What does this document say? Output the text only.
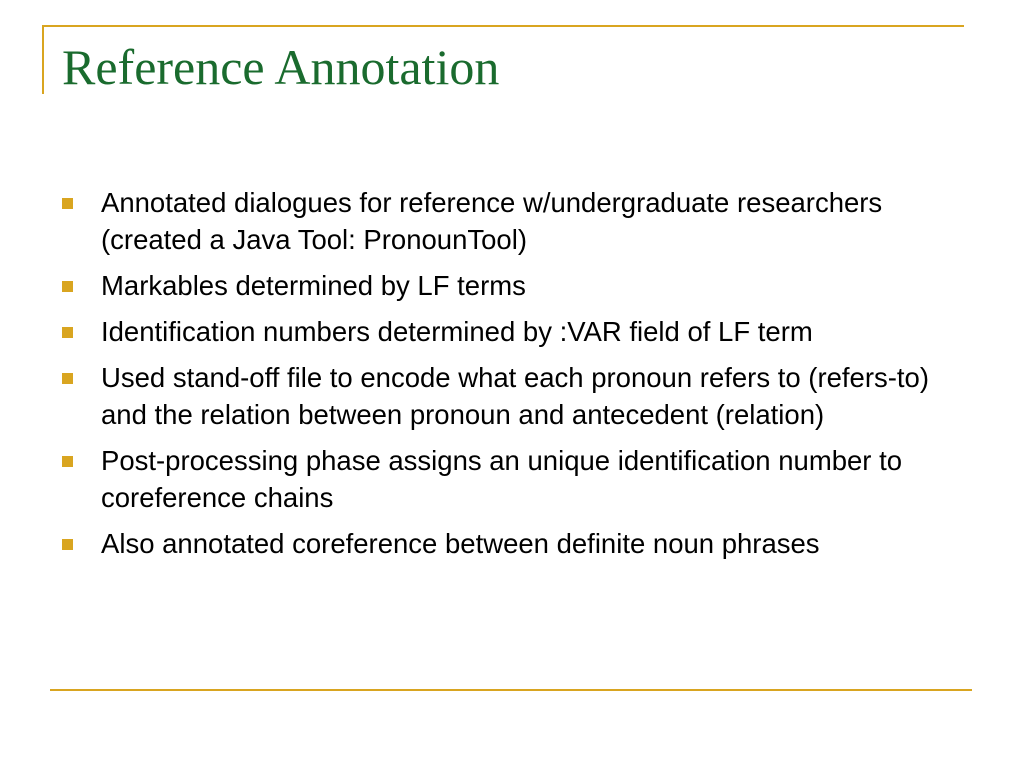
Reference Annotation
Annotated dialogues for reference w/undergraduate researchers (created a Java Tool: PronounTool)
Markables determined by LF terms
Identification numbers determined by :VAR field of LF term
Used stand-off file to encode what each pronoun refers to (refers-to) and the relation between pronoun and antecedent (relation)
Post-processing phase assigns an unique identification number to coreference chains
Also annotated coreference between definite noun phrases
